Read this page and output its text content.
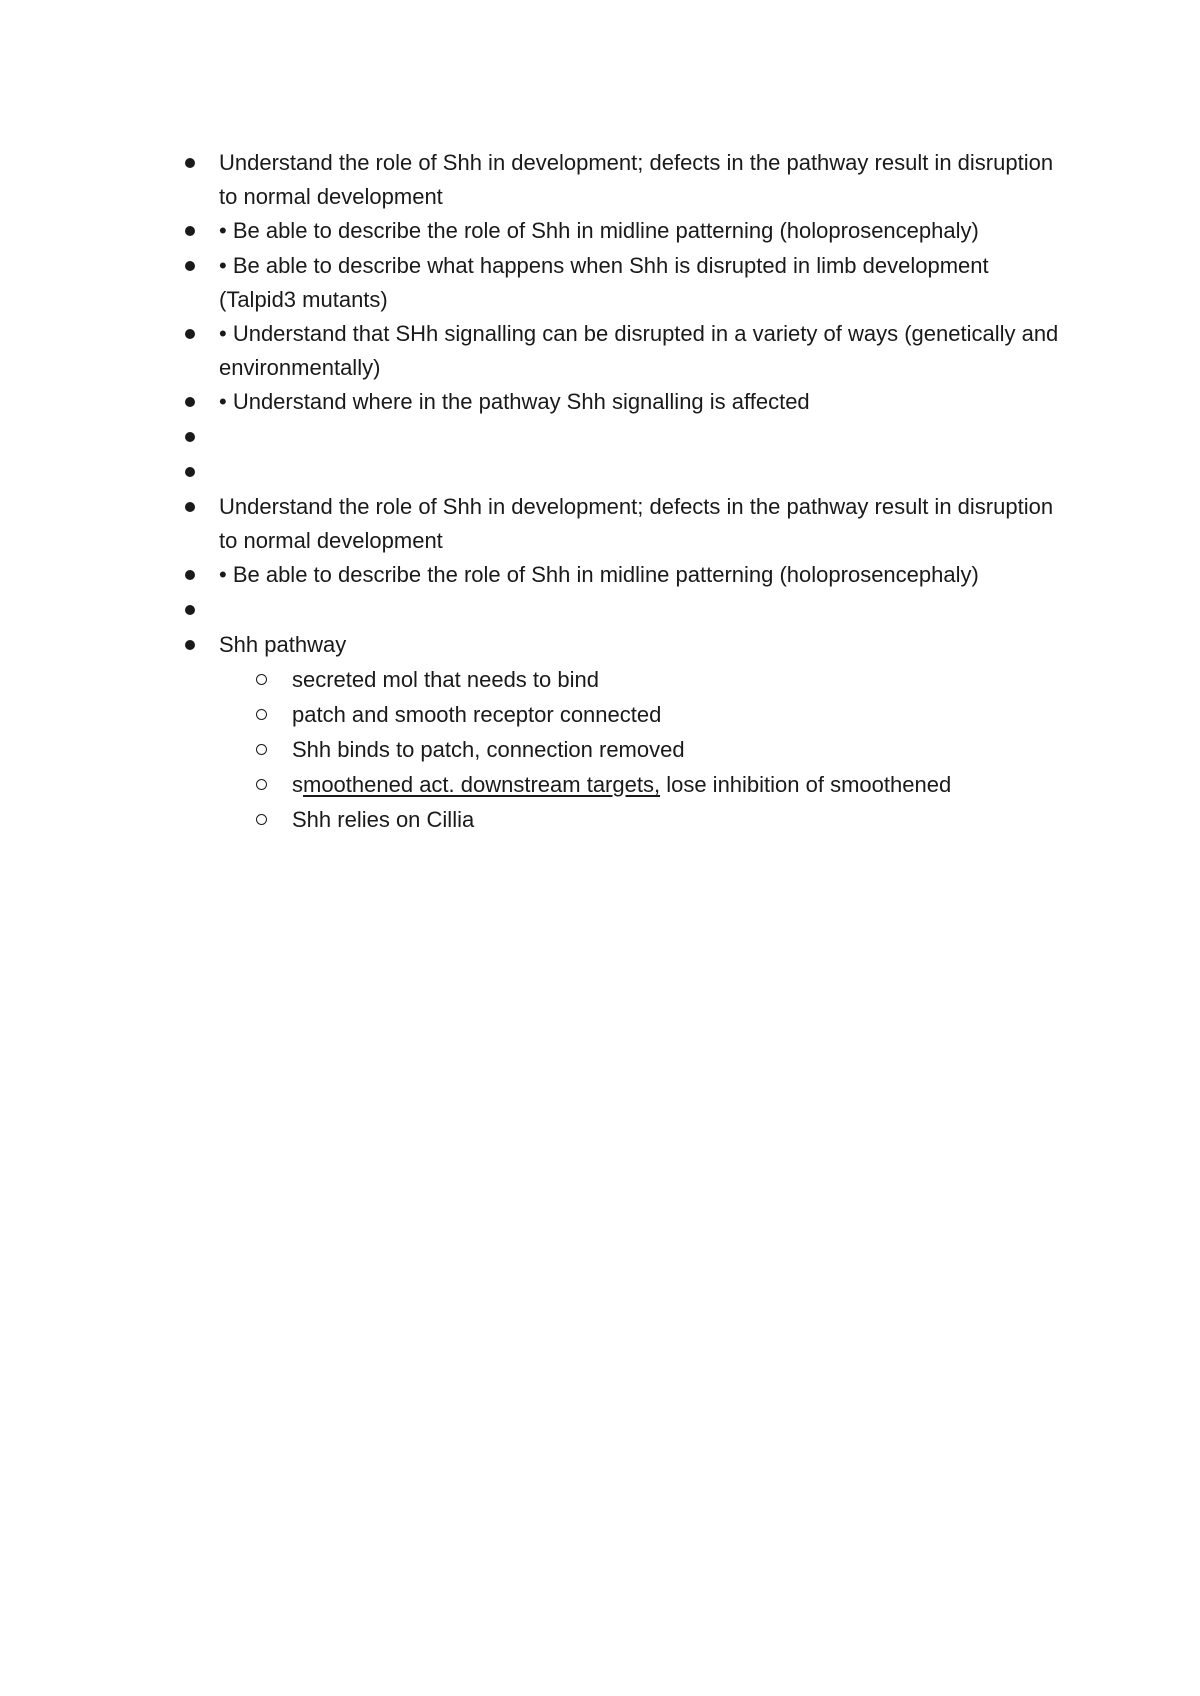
Understand the role of Shh in development; defects in the pathway result in disruption to normal development
• Be able to describe the role of Shh in midline patterning (holoprosencephaly)
• Be able to describe what happens when Shh is disrupted in limb development (Talpid3 mutants)
• Understand that SHh signalling can be disrupted in a variety of ways (genetically and environmentally)
• Understand where in the pathway Shh signalling is affected
Understand the role of Shh in development; defects in the pathway result in disruption to normal development
• Be able to describe the role of Shh in midline patterning (holoprosencephaly)
Shh pathway
secreted mol that needs to bind
patch and smooth receptor connected
Shh binds to patch, connection removed
smoothened act. downstream targets, lose inhibition of smoothened
Shh relies on Cillia
